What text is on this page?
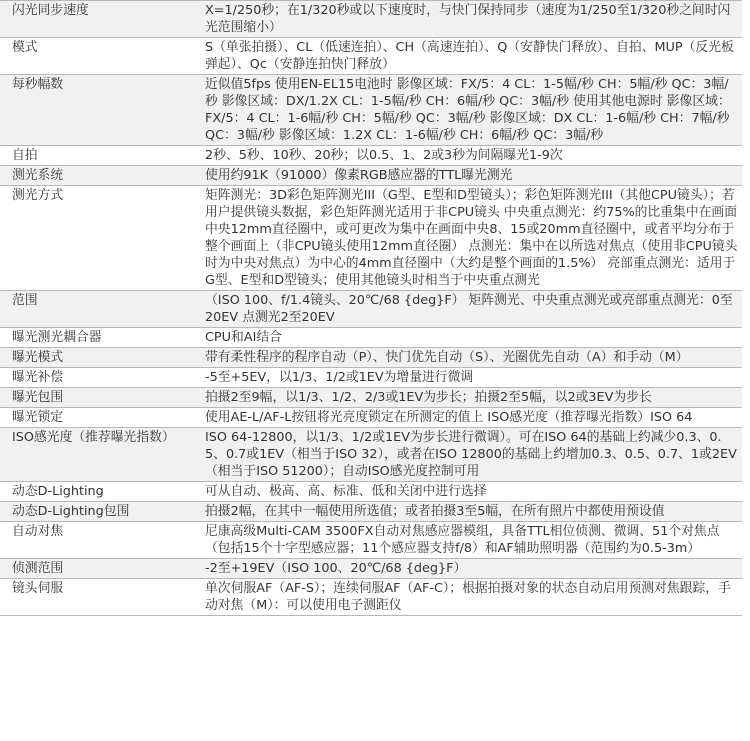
闪光同步速度	X=1/250秒；在1/320秒或以下速度时，与快门保持同步（速度为1/250至1/320秒之间时闪光范围缩小）
模式	S（单张拍摄）、CL（低速连拍）、CH（高速连拍）、Q（安静快门释放）、自拍、MUP（反光板弹起）、Qc（安静连拍快门释放）
每秒幅数	近似值5fps 使用EN-EL15电池时 影像区域：FX/5：4 CL：1-5幅/秒 CH：5幅/秒 QC：3幅/秒 影像区域：DX/1.2X CL：1-5幅/秒 CH：6幅/秒 QC：3幅/秒 使用其他电源时 影像区域：FX/5：4 CL：1-6幅/秒 CH：5幅/秒 QC：3幅/秒 影像区域：DX CL：1-6幅/秒 CH：7幅/秒 QC：3幅/秒 影像区域：1.2X CL：1-6幅/秒 CH：6幅/秒 QC：3幅/秒
自拍	2秒、5秒、10秒、20秒；以0.5、1、2或3秒为间隔曝光1-9次
测光系统	使用约91K（91000）像素RGB感应器的TTL曝光测光
测光方式	矩阵测光：3D彩色矩阵测光III（G型、E型和D型镜头）；彩色矩阵测光III（其他CPU镜头）；若用户提供镜头数据，彩色矩阵测光适用于非CPU镜头 中央重点测光：约75%的比重集中在画面中央12mm直径圈中，或可更改为集中在画面中央8、15或20mm直径圈中，或者平均分布于整个画面上（非CPU镜头使用12mm直径圈） 点测光：集中在以所选对焦点（使用非CPU镜头时为中央对焦点）为中心的4mm直径圈中（大约是整个画面的1.5%） 亮部重点测光：适用于G型、E型和D型镜头；使用其他镜头时相当于中央重点测光
范围	（ISO 100、f/1.4镜头、20℃/68 {deg}F） 矩阵测光、中央重点测光或亮部重点测光：0至20EV 点测光2至20EV
曝光测光耦合器	CPU和AI结合
曝光模式	带有柔性程序的程序自动（P）、快门优先自动（S）、光圈优先自动（A）和手动（M）
曝光补偿	-5至+5EV，以1/3、1/2或1EV为增量进行微调
曝光包围	拍摄2至9幅，以1/3、1/2、2/3或1EV为步长；拍摄2至5幅，以2或3EV为步长
曝光锁定	使用AE-L/AF-L按钮将光亮度锁定在所测定的值上 ISO感光度（推荐曝光指数）ISO 64
ISO感光度（推荐曝光指数）	ISO 64-12800，以1/3、1/2或1EV为步长进行微调）。可在ISO 64的基础上约减少0.3、0.5、0.7或1EV（相当于ISO 32），或者在ISO 12800的基础上约增加0.3、0.5、0.7、1或2EV（相当于ISO 51200）；自动ISO感光度控制可用
动态D-Lighting	可从自动、极高、高、标准、低和关闭中进行选择
动态D-Lighting包围	拍摄2幅，在其中一幅使用所选值；或者拍摄3至5幅，在所有照片中都使用预设值
自动对焦	尼康高级Multi-CAM 3500FX自动对焦感应器模组，具备TTL相位侦测、微调、51个对焦点（包括15个十字型感应器；11个感应器支持f/8）和AF辅助照明器（范围约为0.5-3m）
侦测范围	-2至+19EV（ISO 100、20℃/68 {deg}F）
镜头伺服	单次伺服AF（AF-S）；连续伺服AF（AF-C）；根据拍摄对象的状态自动启用预测对焦跟踪，手动对焦（M）：可以使用电子测距仪
